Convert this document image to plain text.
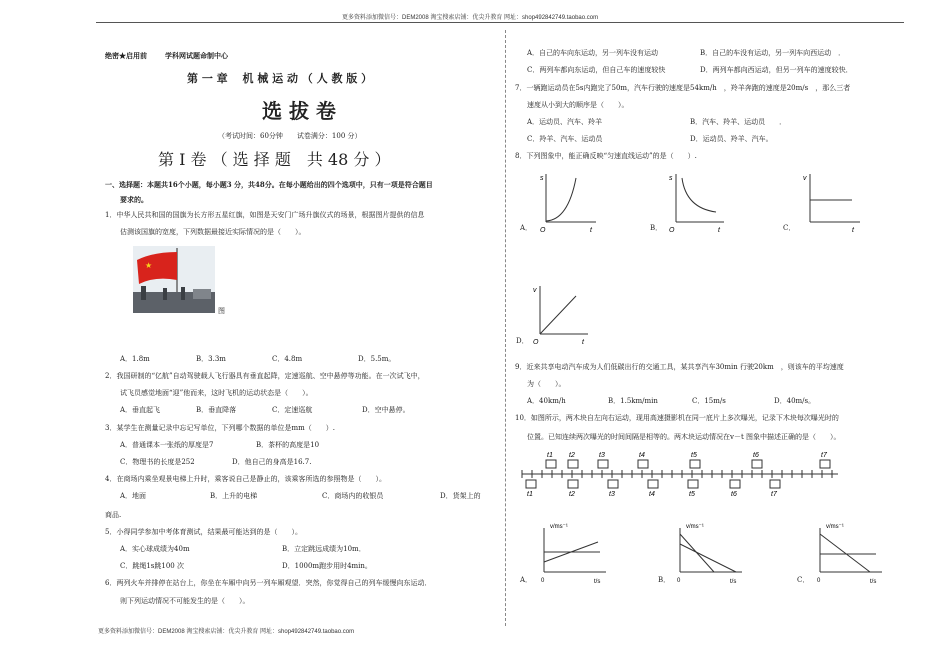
更多资料添加微信号：DEM2008 淘宝搜索店铺：优尖升教育 网址：shop492842749.taobao.com
更多资料添加微信号：DEM2008 淘宝搜索店铺：优尖升教育 网址：shop492842749.taobao.com
绝密★启用前	学科网试题命制中心
第 一 章　 机 械 运 动 （ 人 教 版 ）
选 拔 卷
（考试时间：60分钟　　试卷满分：100 分）
第 Ⅰ 卷 （ 选 择 题　共 48 分 ）
一、选择题：本题共16个小题，每小题3 分，共48分。在每小题给出的四个选项中，只有一项是符合题目
要求的。
1．中华人民共和国的国旗为长方形五星红旗，如图是天安门广场升旗仪式的场景，根据图片提供的信息
估测该国旗的宽度，下列数据最接近实际情况的是（　　）。
★
图
A．1.8m	B．3.3m	C．4.8m	D．5.5m。
2．我国研制的“亿航”自动驾驶载人飞行器具有垂直起降，定速巡航、空中悬停等功能。在一次试飞中，
试飞员感觉地面“迎”他而来，这时飞机的运动状态是（　　）。
A．垂直起飞	B．垂直降落	C．定速巡航	D．空中悬停。
3．某学生在测量记录中忘记写单位，下列哪个数据的单位是mm（　　）.
A．普通课本一张纸的厚度是7	B．茶杯的高度是10
C．物理书的长度是252	D．他自己的身高是16.7.
4．在商场内乘坐观景电梯上升时，乘客说自己是静止的，该乘客所选的参照物是（　　）。
A．地面	B．上升的电梯	C．商场内的收银员	D．货架上的
商品.
5．小得同学参加中考体育测试，结果最可能达到的是（　　）。
A．实心球成绩为40m	B．立定跳远成绩为10m．
C．跳绳1s跳100 次	D．1000m跑步用时4min。
6．两列火车并排停在站台上，你坐在车厢中向另一列车厢观望．突然，你觉得自己的列车缓慢向东运动．
则下列运动情况不可能发生的是（　　）。
A．自己的车向东运动，另一列车没有运动	B．自己的车没有运动，另一列车向西运动　．
C．两列车都向东运动，但自己车的速度较快	D．两列车都向西运动，但另一列车的速度较快．
7．一辆跑运动员在5s内跑完了50m，汽车行驶的速度是54km/h　，羚羊奔跑的速度是20m/s　，那么三者
速度从小到大的顺序是（　　）。
A．运动员、汽车、羚羊	B．汽车、羚羊、运动员　　．
C．羚羊、汽车、运动员	D．运动员、羚羊、汽车。
8．下列图象中，能正确反映“匀速直线运动”的是（　　）.
A．
s
O	t	B．
s
O	t	C．
v
t
D．
v
O	t
9．近来共享电动汽车成为人们低碳出行的交通工具，某共享汽车30min 行驶20km　，则该车的平均速度
为（　　）。
A．40km/h	B．1.5km/min	C．15m/s	D．40m/s。
10．如图所示，两木块自左向右运动，现用高速摄影机在同一底片上多次曝光，记录下木块每次曝光时的
位置。已知连续两次曝光的时间间隔是相等的。两木块运动情况在v－t 图象中描述正确的是（　　）。
t1 t2	t3	t4	t5	t6	t7
t1	t2	t3	t4	t5	t6	t7
A．
v/ms⁻¹
0	t/s	B．
v/ms⁻¹
0	t/s	C．
v/ms⁻¹
0	t/s
